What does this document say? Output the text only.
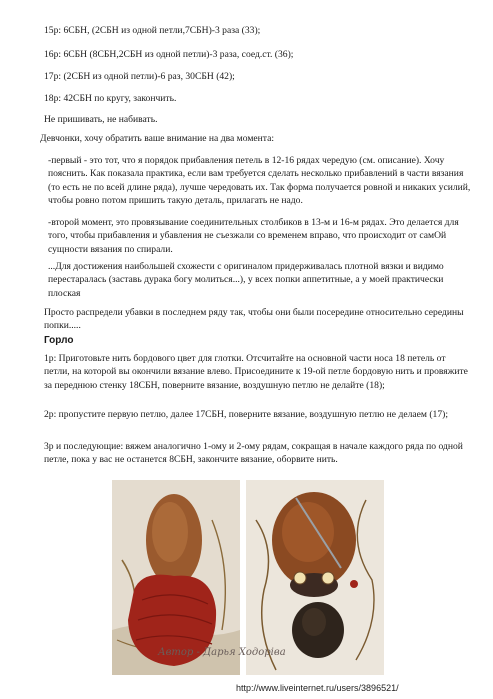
15р: 6СБН, (2СБН из одной петли,7СБН)-3 раза (33);

16р: 6СБН (8СБН,2СБН из одной петли)-3 раза, соед.ст. (36);

17р: (2СБН из одной петли)-6 раз, 30СБН (42);

18р: 42СБН по кругу, закончить.

Не пришивать, не набивать.

Девчонки, хочу обратить ваше внимание на два момента:

-первый - это тот, что я порядок прибавления петель в 12-16 рядах чередую (см. описание). Хочу пояснить. Как показала практика, если вам требуется сделать несколько прибавлений в части вязания (то есть не по всей длине ряда), лучше чередовать их. Так форма получается ровной и никаких усилий, чтобы ровно потом пришить такую деталь, прилагать не надо.

-второй момент, это провязывание соединительных столбиков в 13-м и 16-м рядах. Это делается для того, чтобы прибавления и убавления не съезжали со временем вправо, что происходит от самОй сущности вязания по спирали.

...Для достижения наибольшей схожести с оригиналом придерживалась плотной вязки и видимо перестаралась (заставь дурака богу молиться...), у всех попки аппетитные, а у моей практически плоская

Просто распредели убавки в последнем ряду так, чтобы они были посередине относительно середины попки.....

Горло

1р: Приготовьте нить бордового цвет для глотки. Отсчитайте на основной части носа 18 петель от петли, на которой вы окончили вязание влево. Присоедините к 19-ой петле бордовую нить и провяжите за переднюю стенку 18СБН, поверните вязание, воздушную петлю не делайте (18);

2р: пропустите первую петлю, далее 17СБН, поверните вязание, воздушную петлю не делаем (17);

3р и последующие: вяжем аналогично 1-ому и 2-ому рядам, сокращая в начале каждого ряда по одной петле, пока у вас не останется 8СБН, закончите вязание, оборвите нить.

Автор - Дарья Ходорiва
http://www.liveinternet.ru/users/3896521/
